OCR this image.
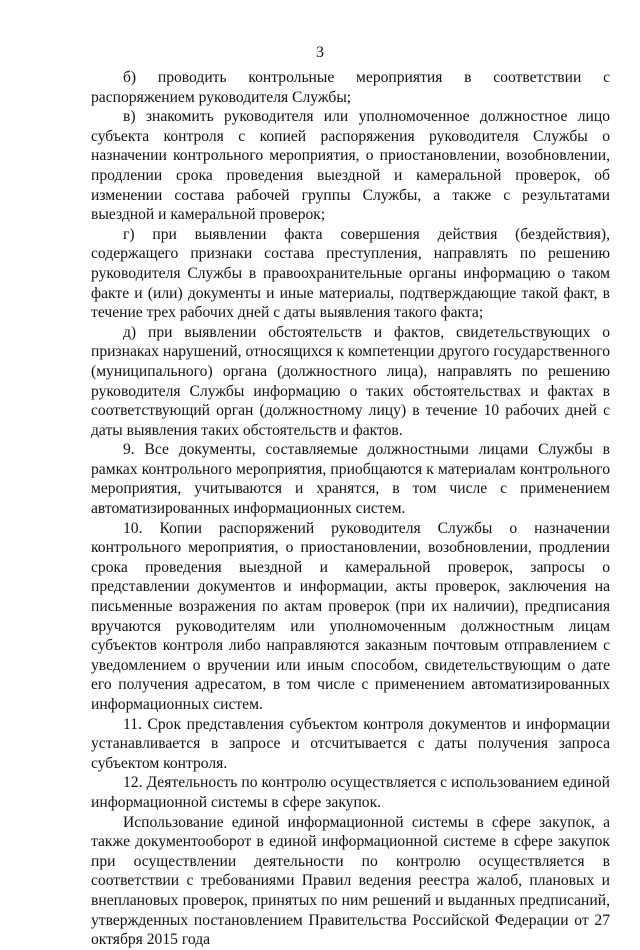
3

б) проводить контрольные мероприятия в соответствии с распоряжением руководителя Службы;

в) знакомить руководителя или уполномоченное должностное лицо субъекта контроля с копией распоряжения руководителя Службы о назначении контрольного мероприятия, о приостановлении, возобновлении, продлении срока проведения выездной и камеральной проверок, об изменении состава рабочей группы Службы, а также с результатами выездной и камеральной проверок;

г) при выявлении факта совершения действия (бездействия), содержащего признаки состава преступления, направлять по решению руководителя Службы в правоохранительные органы информацию о таком факте и (или) документы и иные материалы, подтверждающие такой факт, в течение трех рабочих дней с даты выявления такого факта;

д) при выявлении обстоятельств и фактов, свидетельствующих о признаках нарушений, относящихся к компетенции другого государственного (муниципального) органа (должностного лица), направлять по решению руководителя Службы информацию о таких обстоятельствах и фактах в соответствующий орган (должностному лицу) в течение 10 рабочих дней с даты выявления таких обстоятельств и фактов.

9. Все документы, составляемые должностными лицами Службы в рамках контрольного мероприятия, приобщаются к материалам контрольного мероприятия, учитываются и хранятся, в том числе с применением автоматизированных информационных систем.

10. Копии распоряжений руководителя Службы о назначении контрольного мероприятия, о приостановлении, возобновлении, продлении срока проведения выездной и камеральной проверок, запросы о представлении документов и информации, акты проверок, заключения на письменные возражения по актам проверок (при их наличии), предписания вручаются руководителям или уполномоченным должностным лицам субъектов контроля либо направляются заказным почтовым отправлением с уведомлением о вручении или иным способом, свидетельствующим о дате его получения адресатом, в том числе с применением автоматизированных информационных систем.

11. Срок представления субъектом контроля документов и информации устанавливается в запросе и отсчитывается с даты получения запроса субъектом контроля.

12. Деятельность по контролю осуществляется с использованием единой информационной системы в сфере закупок.

Использование единой информационной системы в сфере закупок, а также документооборот в единой информационной системе в сфере закупок при осуществлении деятельности по контролю осуществляется в соответствии с требованиями Правил ведения реестра жалоб, плановых и внеплановых проверок, принятых по ним решений и выданных предписаний, утвержденных постановлением Правительства Российской Федерации от 27 октября 2015 года
